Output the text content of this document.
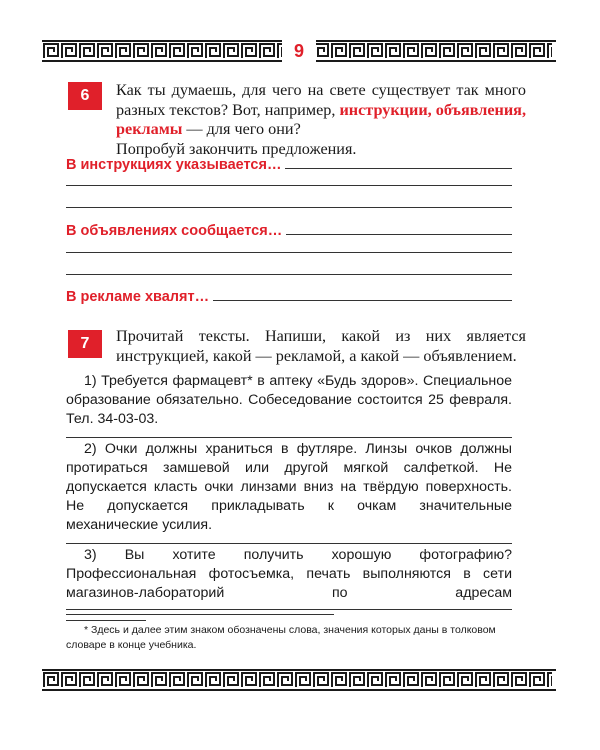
9
6	Как ты думаешь, для чего на свете существует так много разных текстов? Вот, например, инструкции, объявления, рекламы — для чего они?

Попробуй закончить предложения.

В инструкциях указывается…
В объявлениях сообщается…
В рекламе хвалят…
7	Прочитай тексты. Напиши, какой из них является инструкцией, какой — рекламой, а какой — объявлением.

1) Требуется фармацевт* в аптеку «Будь здоров». Специальное образование обязательно. Собеседование состоится 25 февраля. Тел. 34-03-03.

2) Очки должны храниться в футляре. Линзы очков должны протираться замшевой или другой мягкой салфеткой. Не допускается класть очки линзами вниз на твёрдую поверхность. Не допускается прикладывать к очкам значительные механические усилия.

3) Вы хотите получить хорошую фотографию? Профессиональная фотосъемка, печать выполняются в сети магазинов-лабораторий по адресам

* Здесь и далее этим знаком обозначены слова, значения которых даны в толковом словаре в конце учебника.
